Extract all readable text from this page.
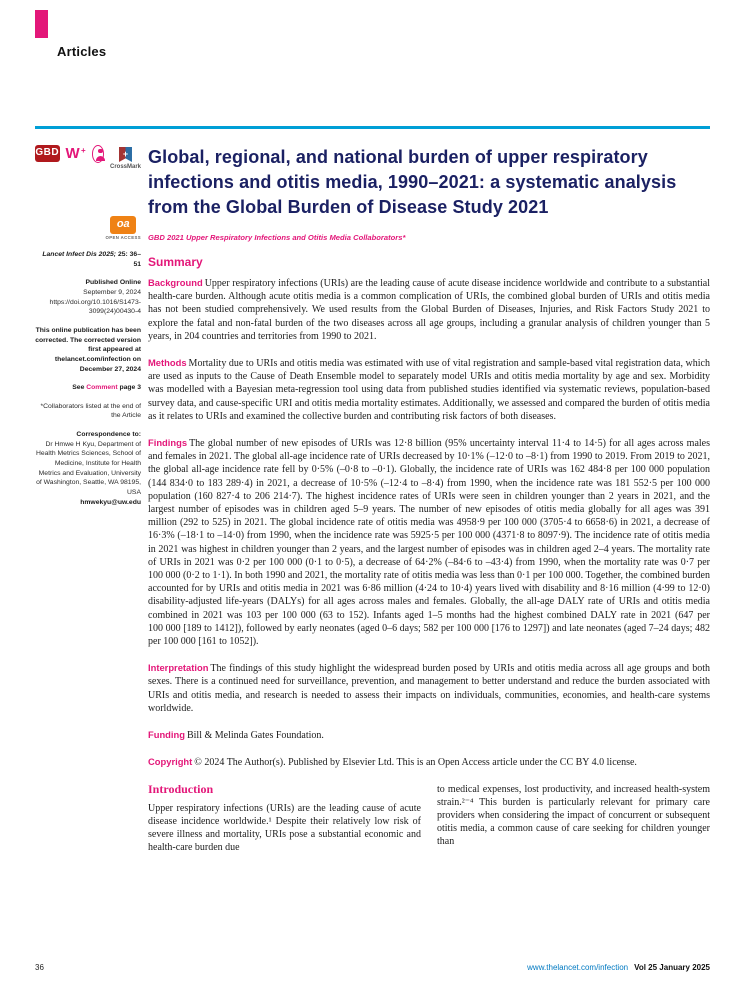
Articles
GBD W +
+
CrossMark
oa
OPEN ACCESS
Lancet Infect Dis 2025; 25: 36–51
Published Online
September 9, 2024
https://doi.org/10.1016/S1473-3099(24)00430-4
This online publication has been corrected. The corrected version first appeared at thelancet.com/infection on December 27, 2024
See Comment page 3
*Collaborators listed at the end of the Article
Correspondence to:
Dr Hmwe H Kyu, Department of Health Metrics Sciences, School of Medicine, Institute for Health Metrics and Evaluation, University of Washington, Seattle, WA 98195, USA
hmwekyu@uw.edu
Global, regional, and national burden of upper respiratory infections and otitis media, 1990–2021: a systematic analysis from the Global Burden of Disease Study 2021
GBD 2021 Upper Respiratory Infections and Otitis Media Collaborators*
Summary

Background Upper respiratory infections (URIs) are the leading cause of acute disease incidence worldwide and contribute to a substantial health-care burden. Although acute otitis media is a common complication of URIs, the combined global burden of URIs and otitis media has not been studied comprehensively. We used results from the Global Burden of Diseases, Injuries, and Risk Factors Study 2021 to explore the fatal and non-fatal burden of the two diseases across all age groups, including a granular analysis of children younger than 5 years, in 204 countries and territories from 1990 to 2021.

Methods Mortality due to URIs and otitis media was estimated with use of vital registration and sample-based vital registration data, which are used as inputs to the Cause of Death Ensemble model to separately model URIs and otitis media mortality by age and sex. Morbidity was modelled with a Bayesian meta-regression tool using data from published studies identified via systematic reviews, population-based survey data, and cause-specific URI and otitis media mortality estimates. Additionally, we assessed and compared the burden of otitis media as it relates to URIs and examined the collective burden and contributing risk factors of both diseases.

Findings The global number of new episodes of URIs was 12·8 billion (95% uncertainty interval 11·4 to 14·5) for all ages across males and females in 2021. The global all-age incidence rate of URIs decreased by 10·1% (–12·0 to –8·1) from 1990 to 2019. From 2019 to 2021, the global all-age incidence rate fell by 0·5% (–0·8 to –0·1). Globally, the incidence rate of URIs was 162 484·8 per 100 000 population (144 834·0 to 183 289·4) in 2021, a decrease of 10·5% (–12·4 to –8·4) from 1990, when the incidence rate was 181 552·5 per 100 000 population (160 827·4 to 206 214·7). The highest incidence rates of URIs were seen in children younger than 2 years in 2021, and the largest number of episodes was in children aged 5–9 years. The number of new episodes of otitis media globally for all ages was 391 million (292 to 525) in 2021. The global incidence rate of otitis media was 4958·9 per 100 000 (3705·4 to 6658·6) in 2021, a decrease of 16·3% (–18·1 to –14·0) from 1990, when the incidence rate was 5925·5 per 100 000 (4371·8 to 8097·9). The incidence rate of otitis media in 2021 was highest in children younger than 2 years, and the largest number of episodes was in children aged 2–4 years. The mortality rate of URIs in 2021 was 0·2 per 100 000 (0·1 to 0·5), a decrease of 64·2% (–84·6 to –43·4) from 1990, when the mortality rate was 0·7 per 100 000 (0·2 to 1·1). In both 1990 and 2021, the mortality rate of otitis media was less than 0·1 per 100 000. Together, the combined burden accounted for by URIs and otitis media in 2021 was 6·86 million (4·24 to 10·4) years lived with disability and 8·16 million (4·99 to 12·0) disability-adjusted life-years (DALYs) for all ages across males and females. Globally, the all-age DALY rate of URIs and otitis media combined in 2021 was 103 per 100 000 (63 to 152). Infants aged 1–5 months had the highest combined DALY rate in 2021 (647 per 100 000 [189 to 1412]), followed by early neonates (aged 0–6 days; 582 per 100 000 [176 to 1297]) and late neonates (aged 7–24 days; 482 per 100 000 [161 to 1052]).

Interpretation The findings of this study highlight the widespread burden posed by URIs and otitis media across all age groups and both sexes. There is a continued need for surveillance, prevention, and management to better understand and reduce the burden associated with URIs and otitis media, and research is needed to assess their impacts on individuals, communities, economies, and health-care systems worldwide.

Funding Bill & Melinda Gates Foundation.

Copyright © 2024 The Author(s). Published by Elsevier Ltd. This is an Open Access article under the CC BY 4.0 license.

Introduction
Upper respiratory infections (URIs) are the leading cause of acute disease incidence worldwide.¹ Despite their relatively low risk of severe illness and mortality, URIs pose a substantial economic and health-care burden due
to medical expenses, lost productivity, and increased health-system strain.²⁻⁴ This burden is particularly relevant for primary care providers when considering the impact of concurrent or subsequent otitis media, a common cause of care seeking for children younger than
36	www.thelancet.com/infection Vol 25 January 2025
